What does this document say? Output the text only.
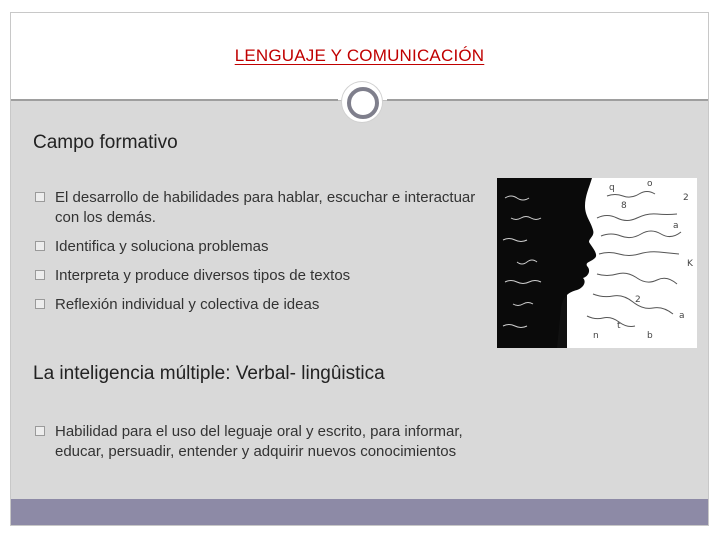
LENGUAJE Y COMUNICACIÓN
Campo formativo
El desarrollo de habilidades para hablar, escuchar e interactuar con los demás.
Identifica y soluciona problemas
Interpreta y produce diversos tipos de textos
Reflexión individual y colectiva de ideas
La inteligencia múltiple: Verbal- lingûistica
Habilidad para el uso del leguaje oral y escrito, para informar, educar, persuadir, entender y adquirir nuevos conocimientos
q	o
2
8
a
K
t
b
a
n
2
